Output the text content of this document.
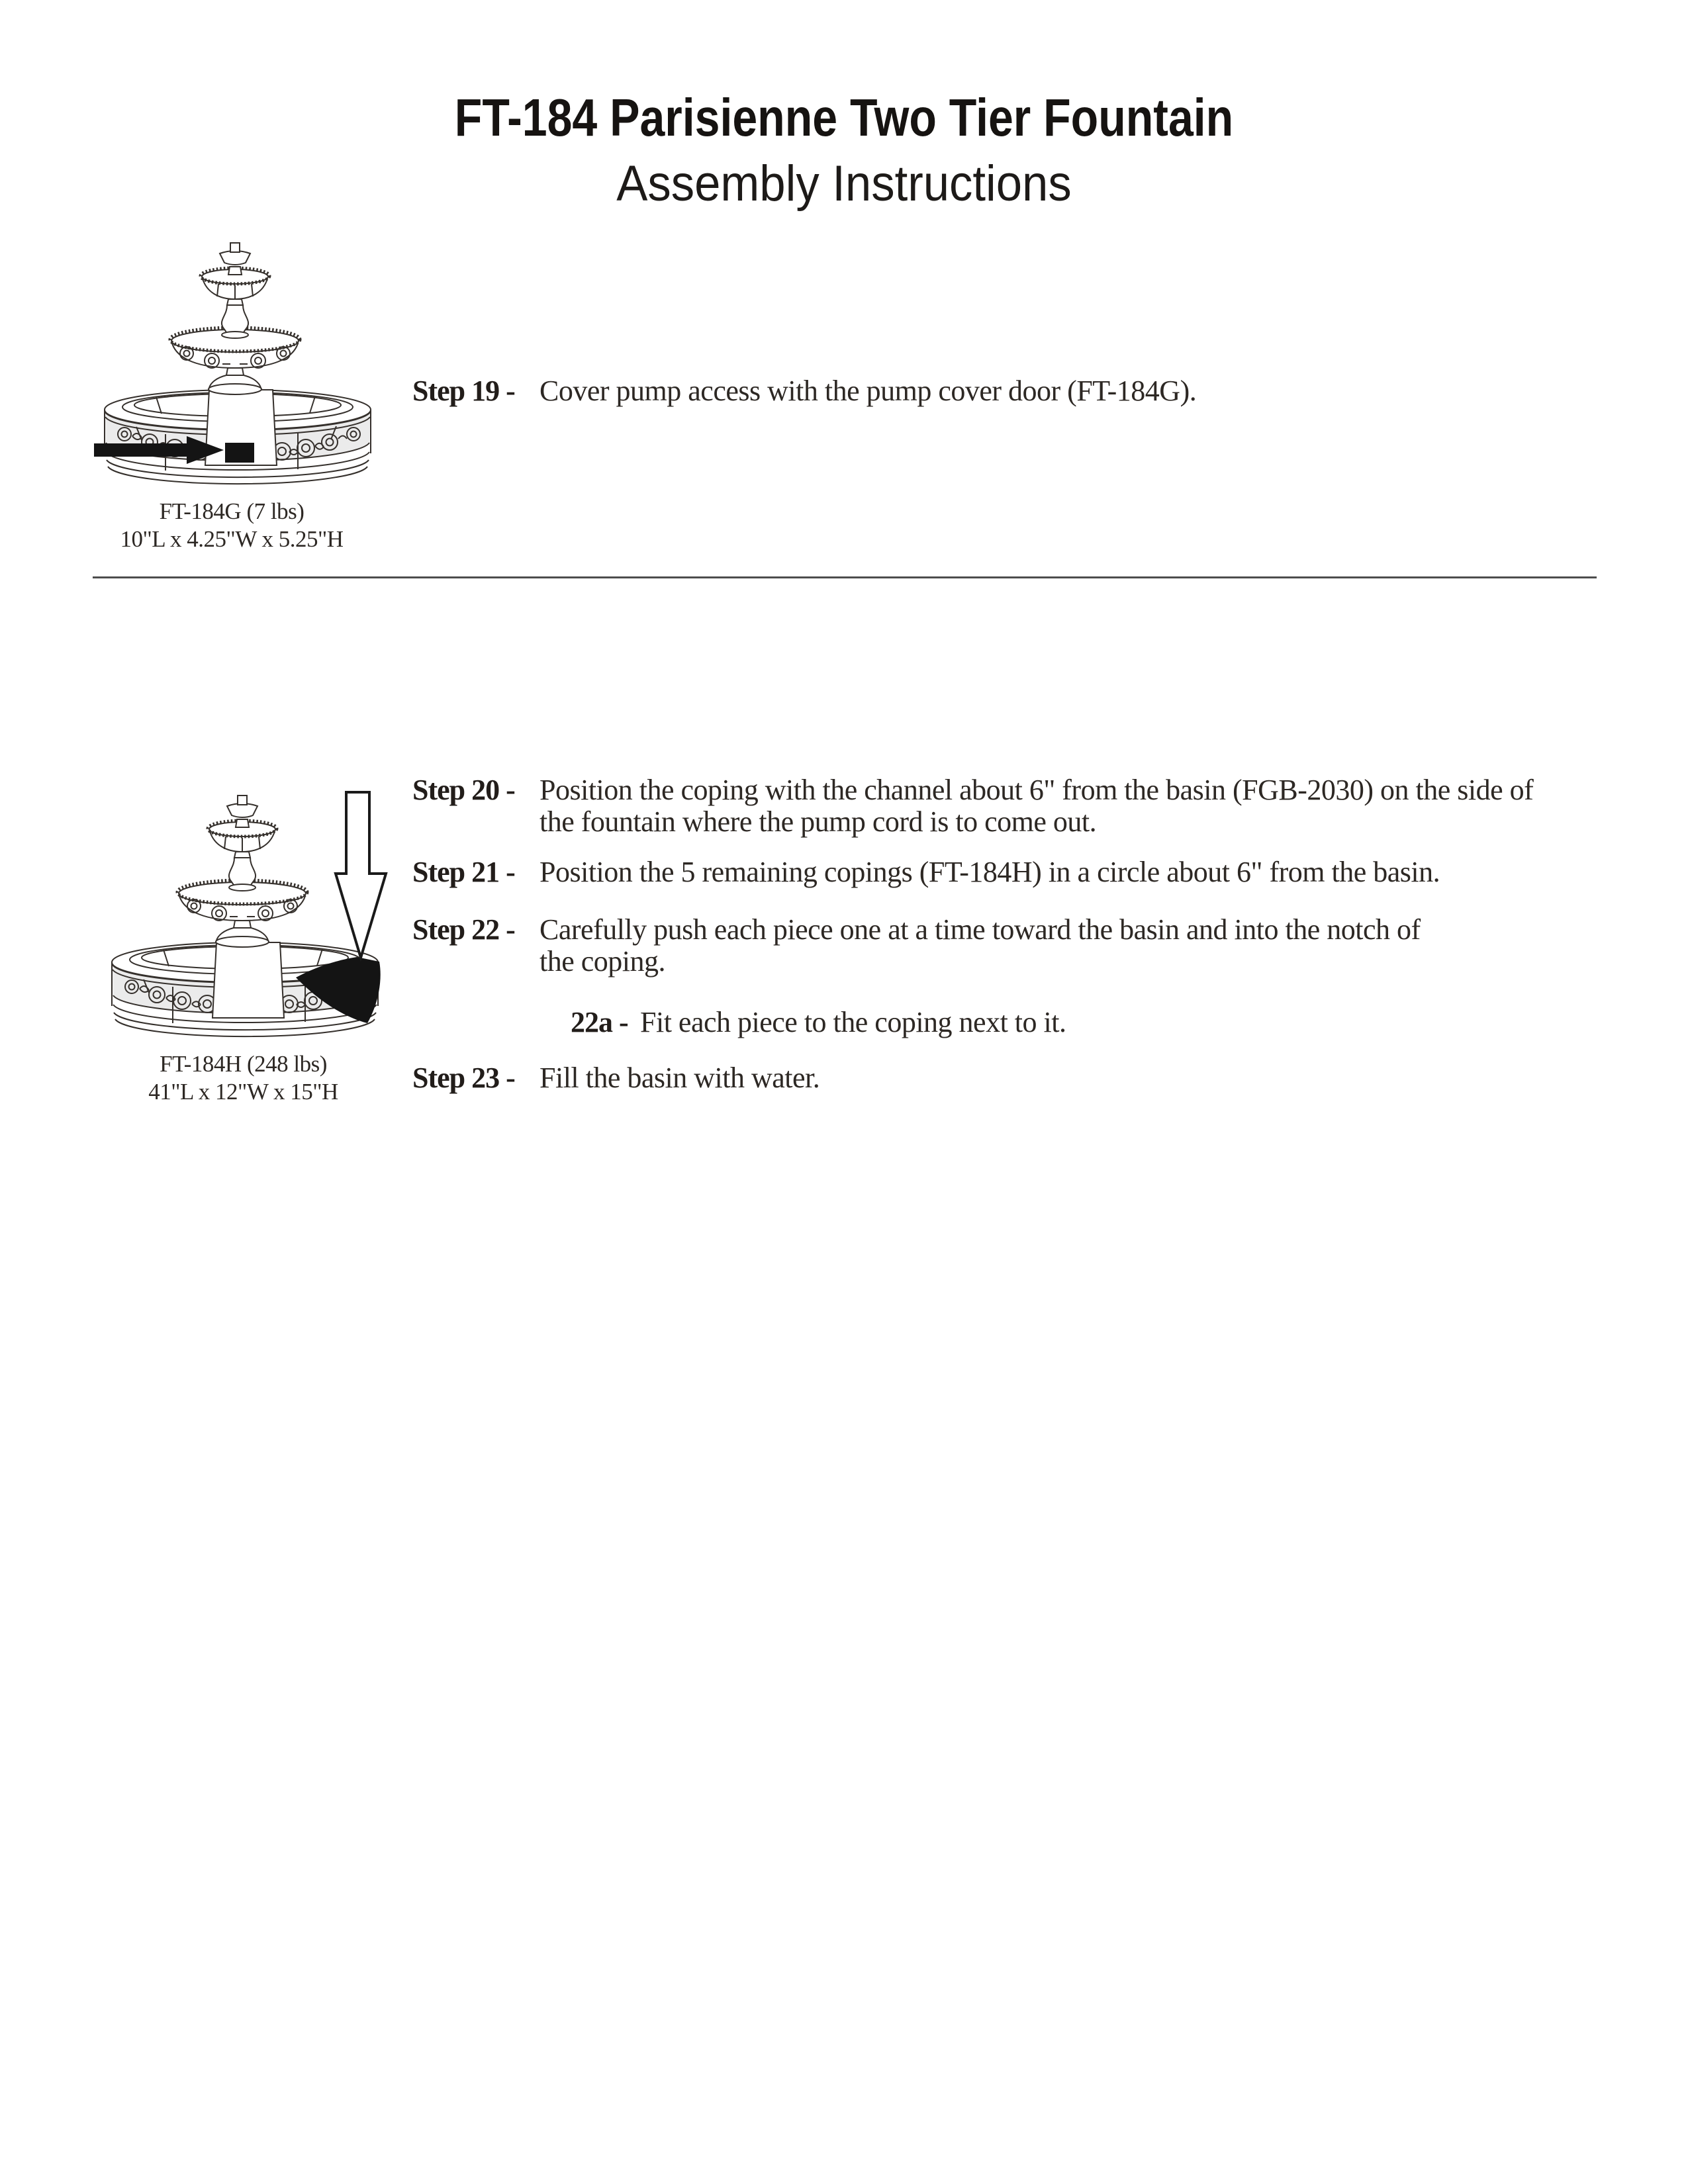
FT-184 Parisienne Two Tier Fountain
Assembly Instructions
FT-184G (7 lbs)
10"L x 4.25"W x 5.25"H
Step 19 - Cover pump access with the pump cover door (FT-184G).
FT-184H (248 lbs)
41"L x 12"W x 15"H
Step 20 - Position the coping with the channel about 6" from the basin (FGB-2030) on the side of
the fountain where the pump cord is to come out.
Step 21 - Position the 5 remaining copings (FT-184H) in a circle about 6" from the basin.
Step 22 - Carefully push each piece one at a time toward the basin and into the notch of
the coping.
22a - Fit each piece to the coping next to it.
Step 23 - Fill the basin with water.
